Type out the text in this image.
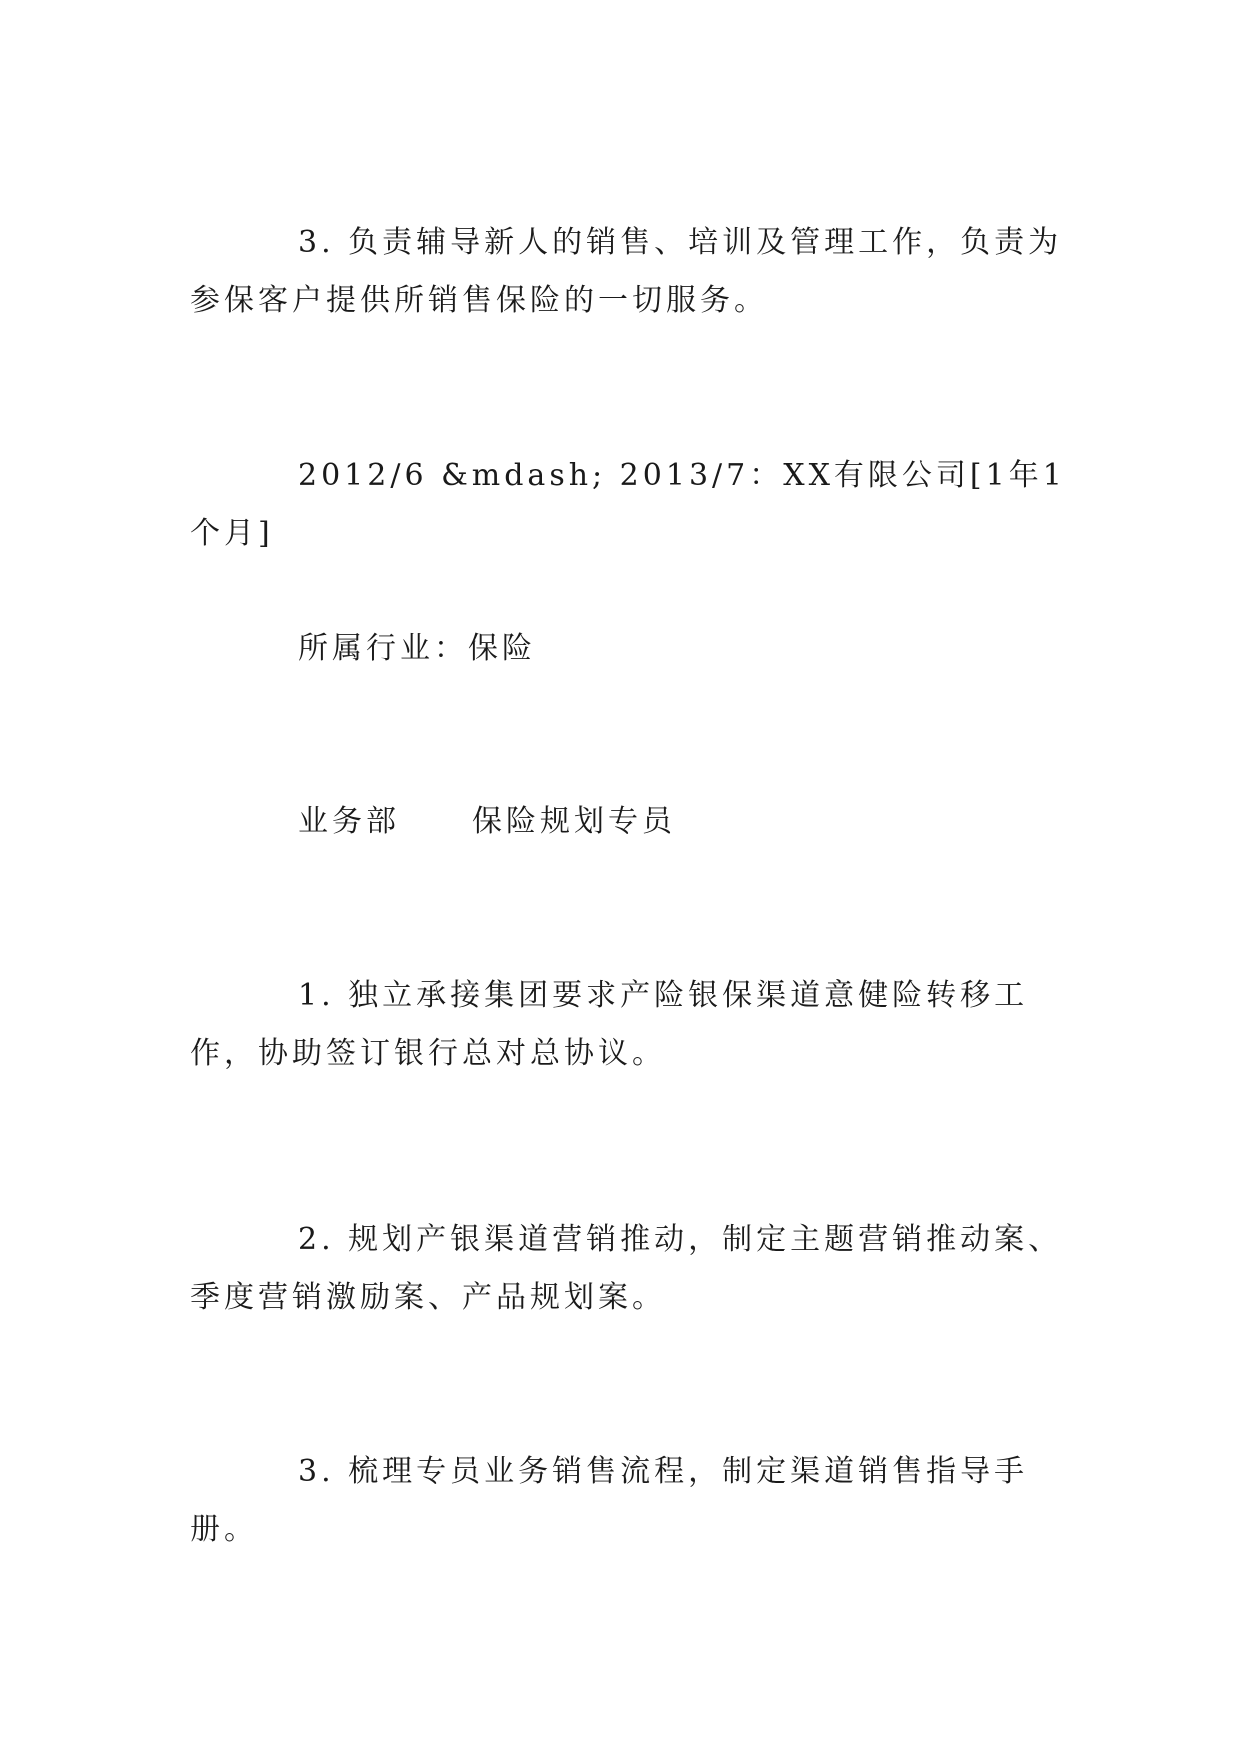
3. 负责辅导新人的销售、培训及管理工作，负责为参保客户提供所销售保险的一切服务。

2012/6 &mdash; 2013/7：XX有限公司[1年1个月]

所属行业：保险

业务部 保险规划专员

1. 独立承接集团要求产险银保渠道意健险转移工作，协助签订银行总对总协议。

2. 规划产银渠道营销推动，制定主题营销推动案、季度营销激励案、产品规划案。

3. 梳理专员业务销售流程，制定渠道销售指导手册。
